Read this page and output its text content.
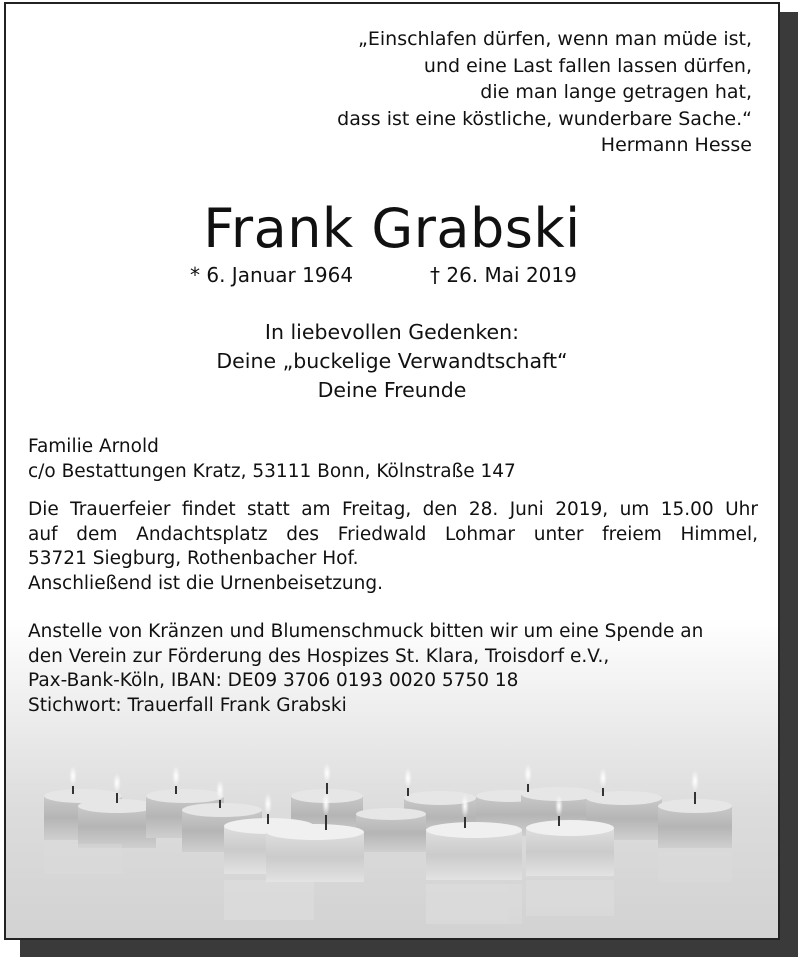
„Einschlafen dürfen, wenn man müde ist,
und eine Last fallen lassen dürfen,
die man lange getragen hat,
dass ist eine köstliche, wunderbare Sache.“
Hermann Hesse
Frank Grabski
* 6. Januar 1964	† 26. Mai 2019
In liebevollen Gedenken:
Deine „buckelige Verwandtschaft“
Deine Freunde
Familie Arnold
c/o Bestattungen Kratz, 53111 Bonn, Kölnstraße 147
Die Trauerfeier findet statt am Freitag, den 28. Juni 2019, um 15.00 Uhr
auf dem Andachtsplatz des Friedwald Lohmar unter freiem Himmel,
53721 Siegburg, Rothenbacher Hof.
Anschließend ist die Urnenbeisetzung.
Anstelle von Kränzen und Blumenschmuck bitten wir um eine Spende an
den Verein zur Förderung des Hospizes St. Klara, Troisdorf e.V.,
Pax-Bank-Köln, IBAN: DE09 3706 0193 0020 5750 18
Stichwort: Trauerfall Frank Grabski
